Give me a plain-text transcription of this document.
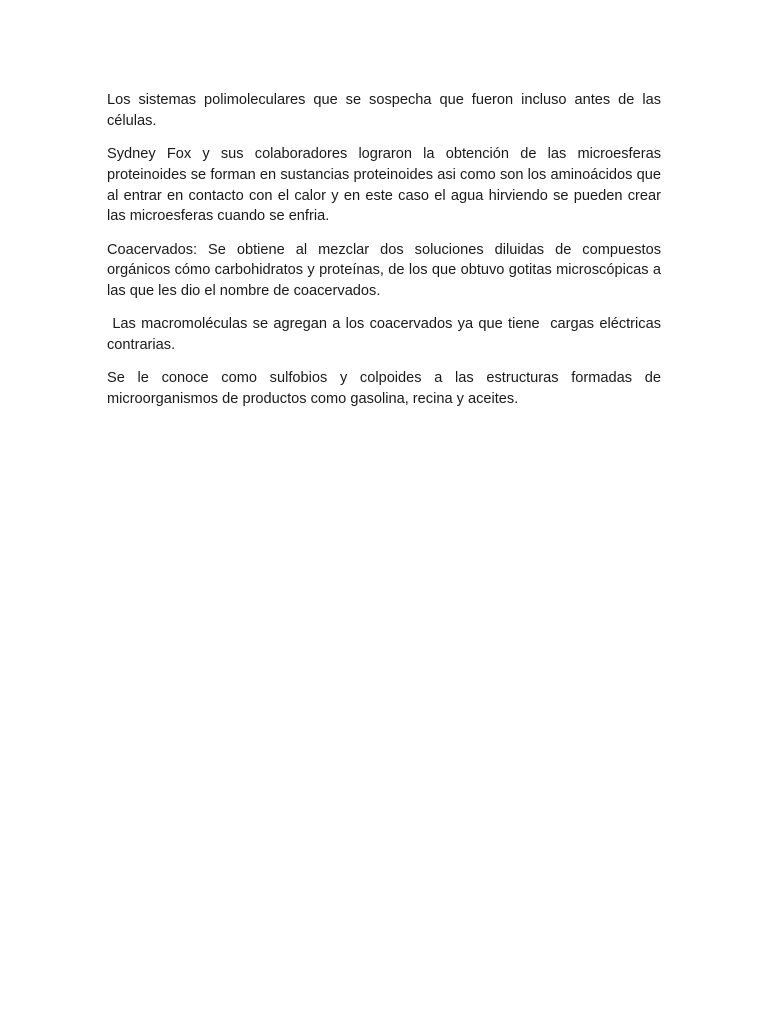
Los sistemas polimoleculares que se sospecha que fueron incluso antes de las células.

Sydney Fox y sus colaboradores lograron la obtención de las microesferas proteinoides se forman en sustancias proteinoides asi como son los aminoácidos que al entrar en contacto con el calor y en este caso el agua hirviendo se pueden crear las microesferas cuando se enfria.

Coacervados: Se obtiene al mezclar dos soluciones diluidas de compuestos orgánicos cómo carbohidratos y proteínas, de los que obtuvo gotitas microscópicas a las que les dio el nombre de coacervados.

Las macromoléculas se agregan a los coacervados ya que tiene  cargas eléctricas contrarias.

Se le conoce como sulfobios y colpoides a las estructuras formadas de microorganismos de productos como gasolina, recina y aceites.
